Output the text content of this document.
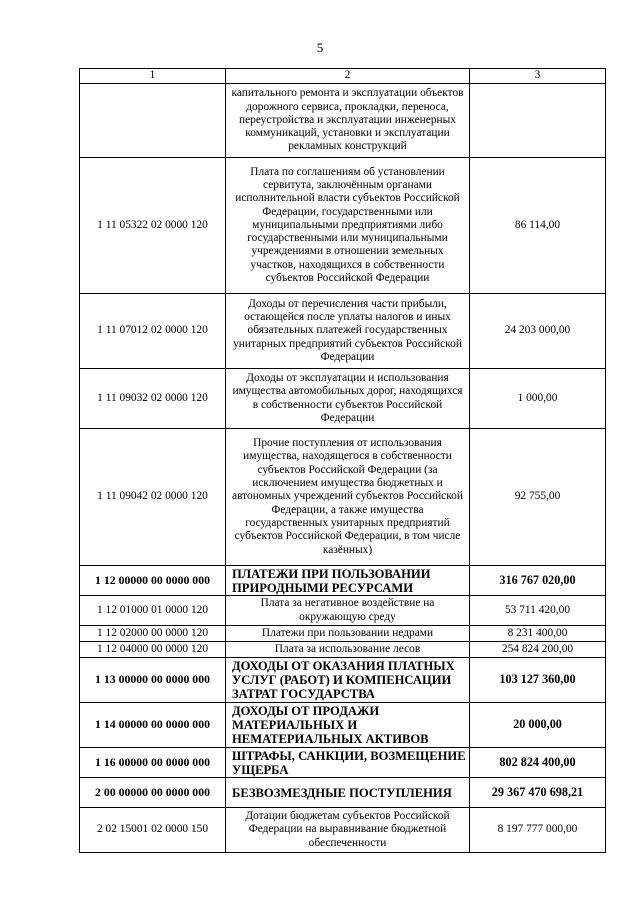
5
1	2	3
	капитального ремонта и эксплуатации объектов дорожного сервиса, прокладки, переноса, переустройства и эксплуатации инженерных коммуникаций, установки и эксплуатации рекламных конструкций	
1 11 05322 02 0000 120	Плата по соглашениям об установлении сервитута, заключённым органами исполнительной власти субъектов Российской Федерации, государственными или муниципальными предприятиями либо государственными или муниципальными учреждениями в отношении земельных участков, находящихся в собственности субъектов Российской Федерации	86 114,00
1 11 07012 02 0000 120	Доходы от перечисления части прибыли, остающейся после уплаты налогов и иных обязательных платежей государственных унитарных предприятий субъектов Российской Федерации	24 203 000,00
1 11 09032 02 0000 120	Доходы от эксплуатации и использования имущества автомобильных дорог, находящихся в собственности субъектов Российской Федерации	1 000,00
1 11 09042 02 0000 120	Прочие поступления от использования имущества, находящегося в собственности субъектов Российской Федерации (за исключением имущества бюджетных и автономных учреждений субъектов Российской Федерации, а также имущества государственных унитарных предприятий субъектов Российской Федерации, в том числе казённых)	92 755,00
1 12 00000 00 0000 000	ПЛАТЕЖИ ПРИ ПОЛЬЗОВАНИИ ПРИРОДНЫМИ РЕСУРСАМИ	316 767 020,00
1 12 01000 01 0000 120	Плата за негативное воздействие на окружающую среду	53 711 420,00
1 12 02000 00 0000 120	Платежи при пользовании недрами	8 231 400,00
1 12 04000 00 0000 120	Плата за использование лесов	254 824 200,00
1 13 00000 00 0000 000	ДОХОДЫ ОТ ОКАЗАНИЯ ПЛАТНЫХ УСЛУГ (РАБОТ) И КОМПЕНСАЦИИ ЗАТРАТ ГОСУДАРСТВА	103 127 360,00
1 14 00000 00 0000 000	ДОХОДЫ ОТ ПРОДАЖИ МАТЕРИАЛЬНЫХ И НЕМАТЕРИАЛЬНЫХ АКТИВОВ	20 000,00
1 16 00000 00 0000 000	ШТРАФЫ, САНКЦИИ, ВОЗМЕЩЕНИЕ УЩЕРБА	802 824 400,00
2 00 00000 00 0000 000	БЕЗВОЗМЕЗДНЫЕ ПОСТУПЛЕНИЯ	29 367 470 698,21
2 02 15001 02 0000 150	Дотации бюджетам субъектов Российской Федерации на выравнивание бюджетной обеспеченности	8 197 777 000,00
